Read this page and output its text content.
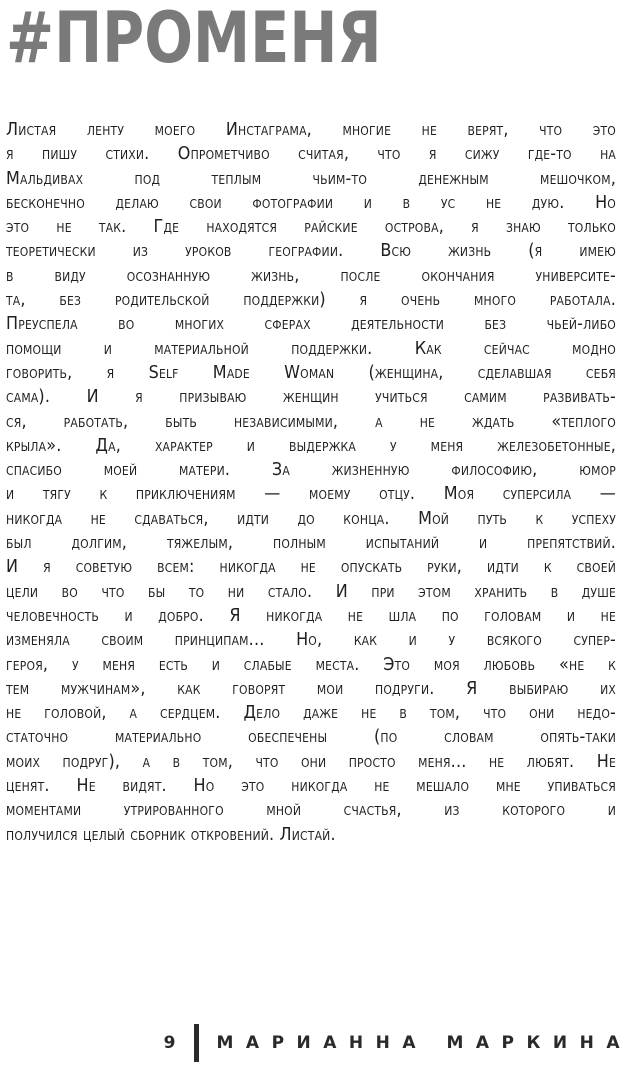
#ПРОМЕНЯ
Листая ленту моего Инстаграма, многие не верят, что это
я пишу стихи. Опрометчиво считая, что я сижу где-то на
Мальдивах под теплым чьим-то денежным мешочком,
бесконечно делаю свои фотографии и в ус не дую. Но
это не так. Где находятся райские острова, я знаю только
теоретически из уроков географии. Всю жизнь (я имею
в виду осознанную жизнь, после окончания университе-
та, без родительской поддержки) я очень много работала.
Преуспела во многих сферах деятельности без чьей-либо
помощи и материальной поддержки. Как сейчас модно
говорить, я Self Made Woman (женщина, сделавшая себя
сама). И я призываю женщин учиться самим развивать-
ся, работать, быть независимыми, а не ждать «теплого
крыла». Да, характер и выдержка у меня железобетонные,
спасибо моей матери. За жизненную философию, юмор
и тягу к приключениям — моему отцу. Моя суперсила —
никогда не сдаваться, идти до конца. Мой путь к успеху
был долгим, тяжелым, полным испытаний и препятствий.
И я советую всем: никогда не опускать руки, идти к своей
цели во что бы то ни стало. И при этом хранить в душе
человечность и добро. Я никогда не шла по головам и не
изменяла своим принципам... Но, как и у всякого супер-
героя, у меня есть и слабые места. Это моя любовь «не к
тем мужчинам», как говорят мои подруги. Я выбираю их
не головой, а сердцем. Дело даже не в том, что они недо-
статочно материально обеспечены (по словам опять-таки
моих подруг), а в том, что они просто меня... не любят. Не
ценят. Не видят. Но это никогда не мешало мне упиваться
моментами утрированного мной счастья, из которого и
получился целый сборник откровений. Листай.
9 МАРИАННА МАРКИНА
